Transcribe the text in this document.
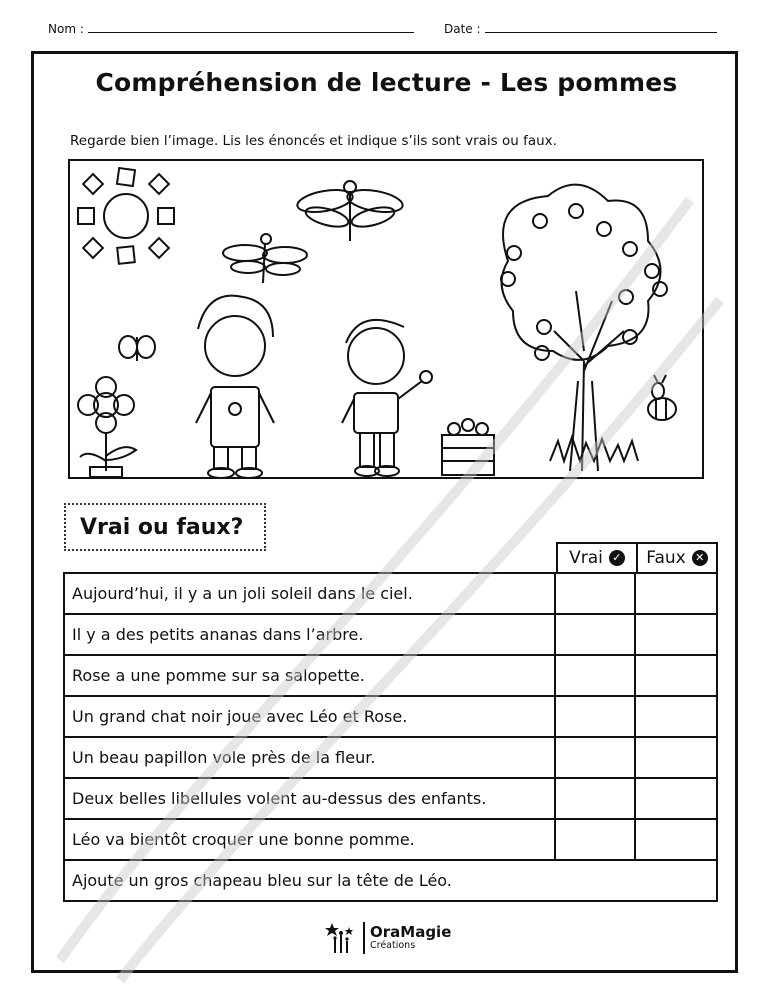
Nom :	Date :
Compréhension de lecture - Les pommes
Regarde bien l’image. Lis les énoncés et indique s’ils sont vrais ou faux.
Vrai ou faux?
Vrai ✓ Faux ✕
Aujourd’hui, il y a un joli soleil dans le ciel.
Il y a des petits ananas dans l’arbre.
Rose a une pomme sur sa salopette.
Un grand chat noir joue avec Léo et Rose.
Un beau papillon vole près de la fleur.
Deux belles libellules volent au-dessus des enfants.
Léo va bientôt croquer une bonne pomme.
Ajoute un gros chapeau bleu sur la tête de Léo.
OraMagie
Créations
